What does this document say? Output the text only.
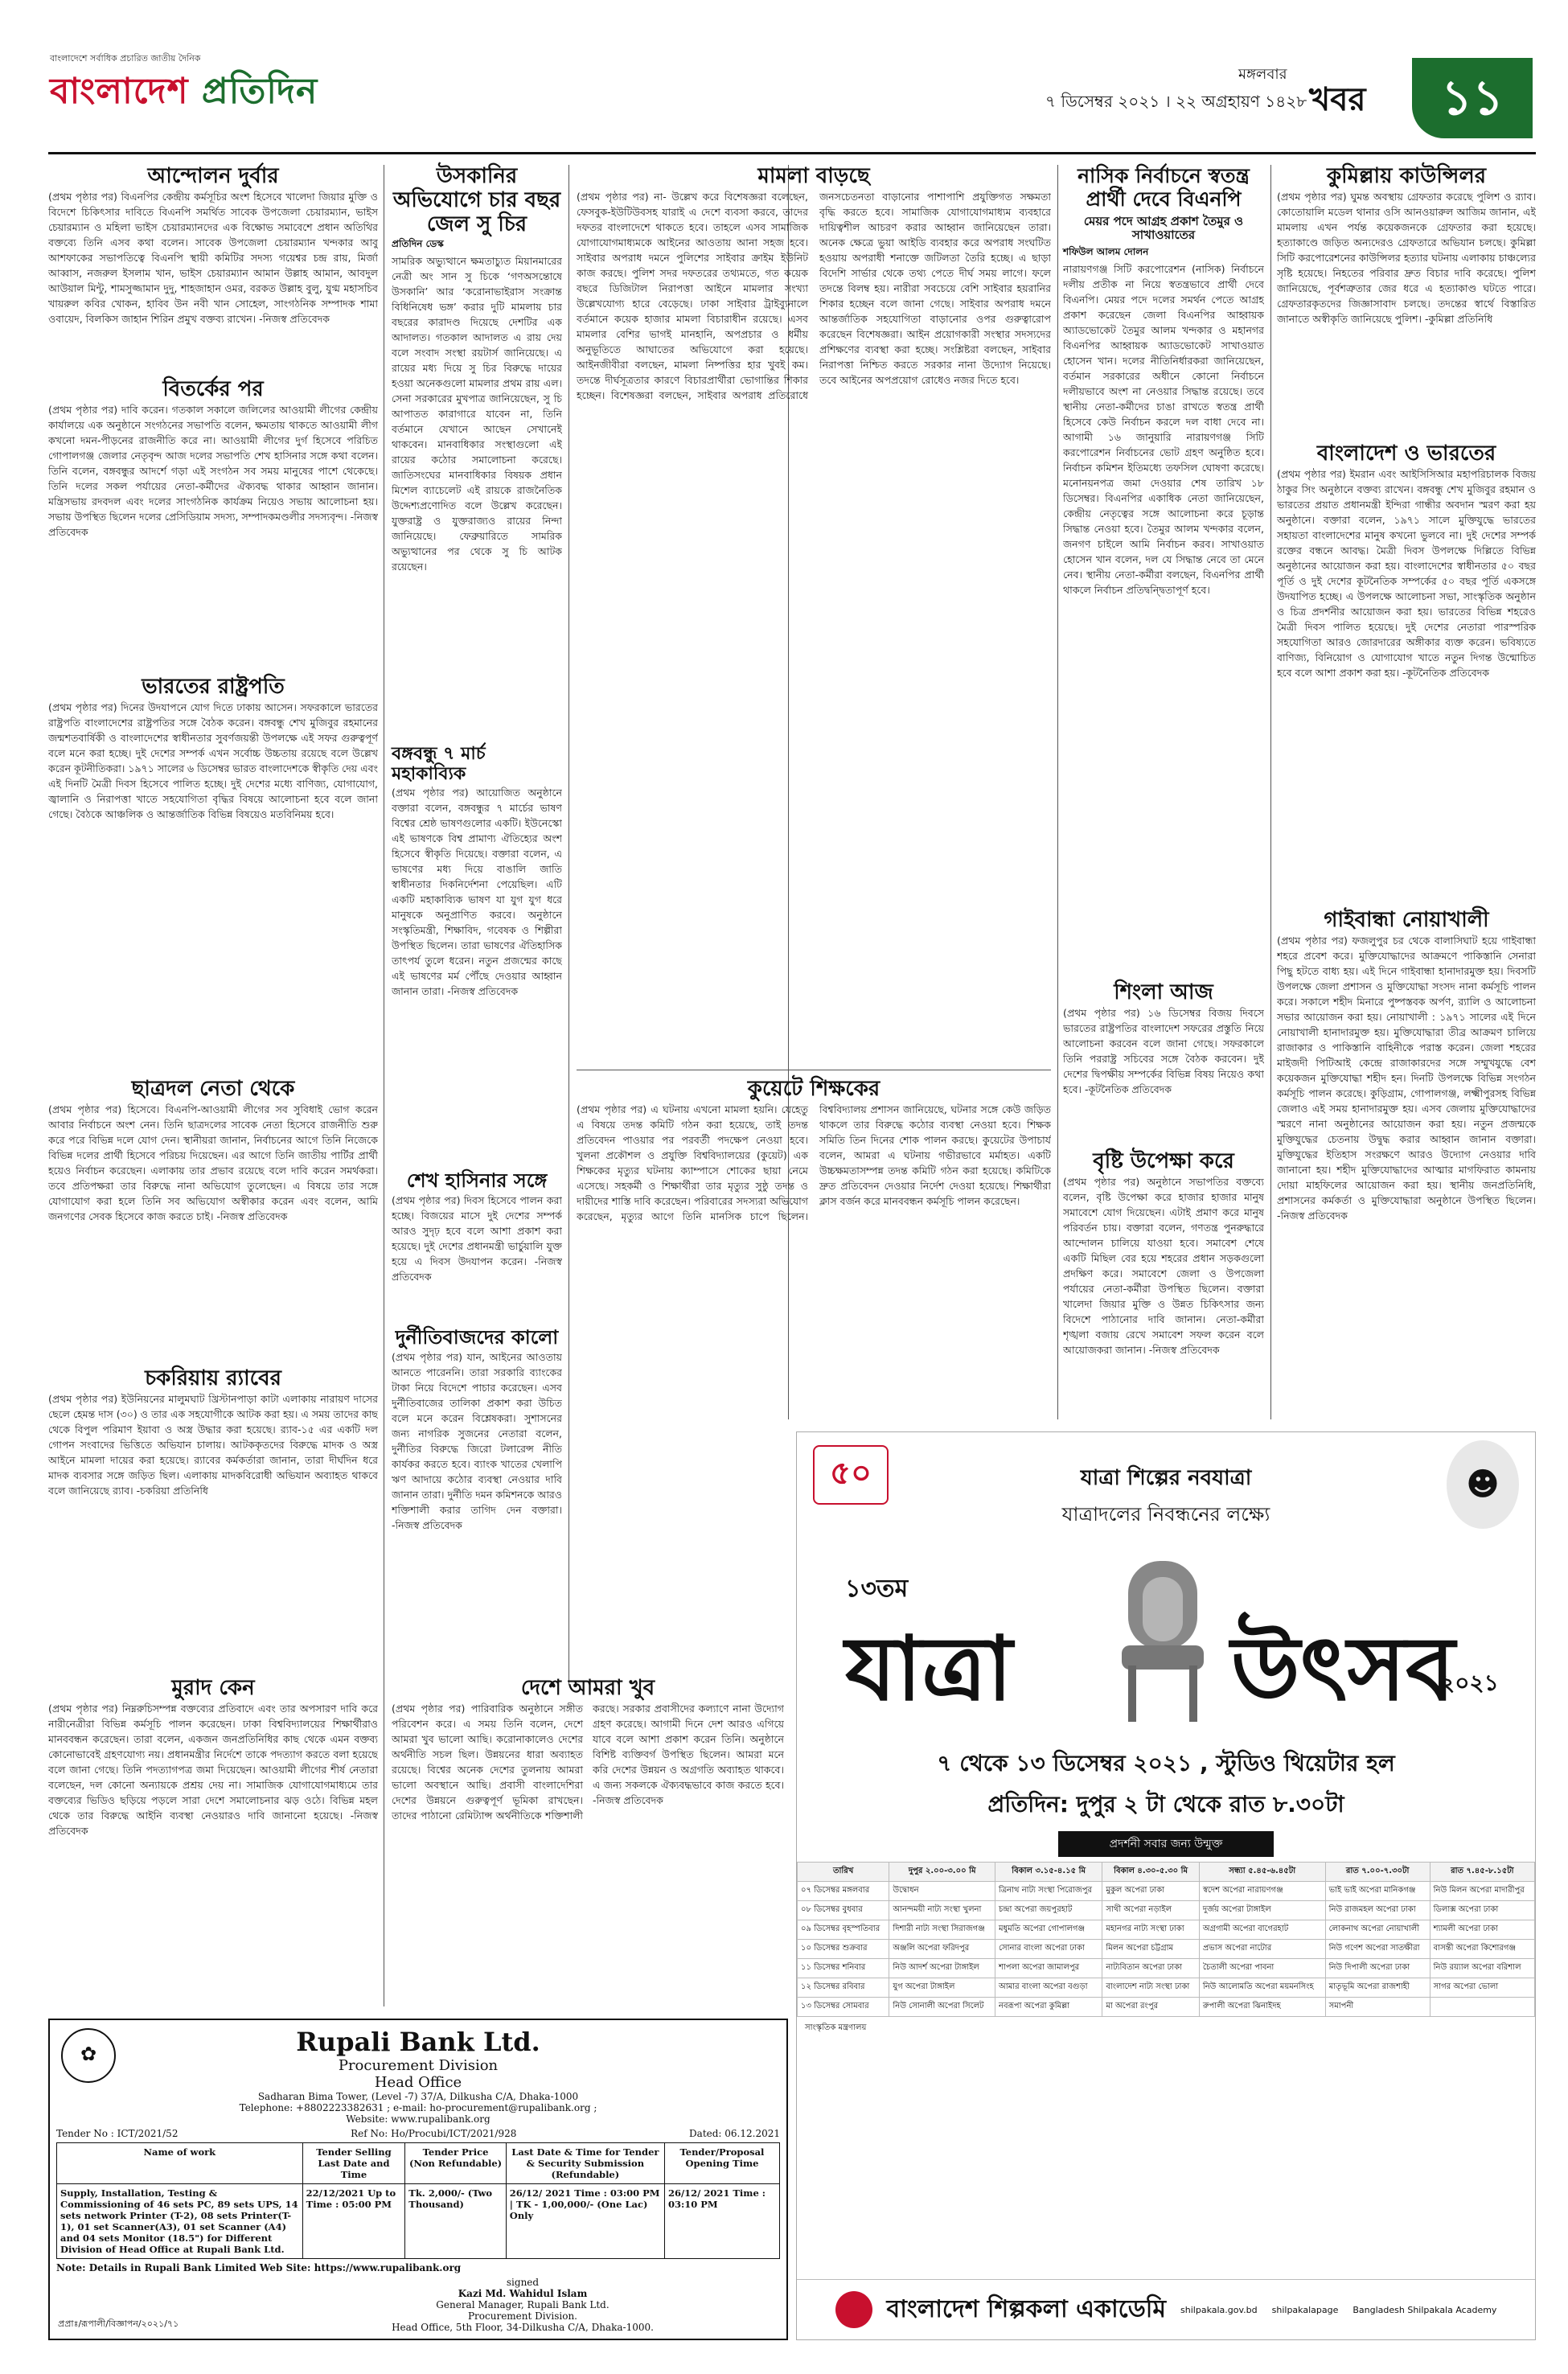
বাংলাদেশে সর্বাধিক প্রচারিত জাতীয় দৈনিক
বাংলাদেশ প্রতিদিন	মঙ্গলবার
৭ ডিসেম্বর ২০২১ । ২২ অগ্রহায়ণ ১৪২৮ খবর	১১
আন্দোলন দুর্বার
(প্রথম পৃষ্ঠার পর) বিএনপির কেন্দ্রীয় কর্মসূচির অংশ হিসেবে খালেদা জিয়ার মুক্তি ও বিদেশে চিকিৎসার দাবিতে বিএনপি সমর্থিত সাবেক উপজেলা চেয়ারম্যান, ভাইস চেয়ারম্যান ও মহিলা ভাইস চেয়ারম্যানদের এক বিক্ষোভ সমাবেশে প্রধান অতিথির বক্তব্যে তিনি এসব কথা বলেন। সাবেক উপজেলা চেয়ারম্যান খন্দকার আবু আশফাকের সভাপতিত্বে বিএনপি স্থায়ী কমিটির সদস্য গয়েশ্বর চন্দ্র রায়, মির্জা আব্বাস, নজরুল ইসলাম খান, ভাইস চেয়ারম্যান আমান উল্লাহ আমান, আবদুল আউয়াল মিন্টু, শামসুজ্জামান দুদু, শাহজাহান ওমর, বরকত উল্লাহ বুলু, যুগ্ম মহাসচিব খায়রুল কবির খোকন, হাবিব উন নবী খান সোহেল, সাংগঠনিক সম্পাদক শামা ওবায়েদ, বিলকিস জাহান শিরিন প্রমুখ বক্তব্য রাখেন। -নিজস্ব প্রতিবেদক
বিতর্কের পর
(প্রথম পৃষ্ঠার পর) দাবি করেন। গতকাল সকালে জলিলের আওয়ামী লীগের কেন্দ্রীয় কার্যালয়ে এক অনুষ্ঠানে সংগঠনের সভাপতি বলেন, ক্ষমতায় থাকতে আওয়ামী লীগ কখনো দমন-পীড়নের রাজনীতি করে না। আওয়ামী লীগের দুর্গ হিসেবে পরিচিত গোপালগঞ্জ জেলার নেতৃবৃন্দ আজ দলের সভাপতি শেখ হাসিনার সঙ্গে কথা বলেন। তিনি বলেন, বঙ্গবন্ধুর আদর্শে গড়া এই সংগঠন সব সময় মানুষের পাশে থেকেছে। তিনি দলের সকল পর্যায়ের নেতা-কর্মীদের ঐক্যবদ্ধ থাকার আহ্বান জানান। মন্ত্রিসভায় রদবদল এবং দলের সাংগঠনিক কার্যক্রম নিয়েও সভায় আলোচনা হয়। সভায় উপস্থিত ছিলেন দলের প্রেসিডিয়াম সদস্য, সম্পাদকমণ্ডলীর সদস্যবৃন্দ। -নিজস্ব প্রতিবেদক
ভারতের রাষ্ট্রপতি
(প্রথম পৃষ্ঠার পর) দিনের উদযাপনে যোগ দিতে ঢাকায় আসেন। সফরকালে ভারতের রাষ্ট্রপতি বাংলাদেশের রাষ্ট্রপতির সঙ্গে বৈঠক করেন। বঙ্গবন্ধু শেখ মুজিবুর রহমানের জন্মশতবার্ষিকী ও বাংলাদেশের স্বাধীনতার সুবর্ণজয়ন্তী উপলক্ষে এই সফর গুরুত্বপূর্ণ বলে মনে করা হচ্ছে। দুই দেশের সম্পর্ক এখন সর্বোচ্চ উচ্চতায় রয়েছে বলে উল্লেখ করেন কূটনীতিকরা। ১৯৭১ সালের ৬ ডিসেম্বর ভারত বাংলাদেশকে স্বীকৃতি দেয় এবং এই দিনটি মৈত্রী দিবস হিসেবে পালিত হচ্ছে। দুই দেশের মধ্যে বাণিজ্য, যোগাযোগ, জ্বালানি ও নিরাপত্তা খাতে সহযোগিতা বৃদ্ধির বিষয়ে আলোচনা হবে বলে জানা গেছে। বৈঠকে আঞ্চলিক ও আন্তর্জাতিক বিভিন্ন বিষয়েও মতবিনিময় হবে।
ছাত্রদল নেতা থেকে
(প্রথম পৃষ্ঠার পর) হিসেবে। বিএনপি-আওয়ামী লীগের সব সুবিধাই ভোগ করেন আবার নির্বাচনে অংশ নেন। তিনি ছাত্রদলের সাবেক নেতা হিসেবে রাজনীতি শুরু করে পরে বিভিন্ন দলে যোগ দেন। স্থানীয়রা জানান, নির্বাচনের আগে তিনি নিজেকে বিভিন্ন দলের প্রার্থী হিসেবে পরিচয় দিয়েছেন। এর আগে তিনি জাতীয় পার্টির প্রার্থী হয়েও নির্বাচন করেছেন। এলাকায় তার প্রভাব রয়েছে বলে দাবি করেন সমর্থকরা। তবে প্রতিপক্ষরা তার বিরুদ্ধে নানা অভিযোগ তুলেছেন। এ বিষয়ে তার সঙ্গে যোগাযোগ করা হলে তিনি সব অভিযোগ অস্বীকার করেন এবং বলেন, আমি জনগণের সেবক হিসেবে কাজ করতে চাই। -নিজস্ব প্রতিবেদক
চকরিয়ায় র‌্যাবের
(প্রথম পৃষ্ঠার পর) ইউনিয়নের মালুমঘাট খ্রিস্টানপাড়া কাটা এলাকায় নারায়ণ দাসের ছেলে হেমন্ত দাস (৩০) ও তার এক সহযোগীকে আটক করা হয়। এ সময় তাদের কাছ থেকে বিপুল পরিমাণ ইয়াবা ও অস্ত্র উদ্ধার করা হয়েছে। র‌্যাব-১৫ এর একটি দল গোপন সংবাদের ভিত্তিতে অভিযান চালায়। আটককৃতদের বিরুদ্ধে মাদক ও অস্ত্র আইনে মামলা দায়ের করা হয়েছে। র‌্যাবের কর্মকর্তারা জানান, তারা দীর্ঘদিন ধরে মাদক ব্যবসার সঙ্গে জড়িত ছিল। এলাকায় মাদকবিরোধী অভিযান অব্যাহত থাকবে বলে জানিয়েছে র‌্যাব। -চকরিয়া প্রতিনিধি
মুরাদ কেন
(প্রথম পৃষ্ঠার পর) নিম্নরুচিসম্পন্ন বক্তব্যের প্রতিবাদে এবং তার অপসারণ দাবি করে নারীনেত্রীরা বিভিন্ন কর্মসূচি পালন করেছেন। ঢাকা বিশ্ববিদ্যালয়ের শিক্ষার্থীরাও মানববন্ধন করেছেন। তারা বলেন, একজন জনপ্রতিনিধির কাছ থেকে এমন বক্তব্য কোনোভাবেই গ্রহণযোগ্য নয়। প্রধানমন্ত্রীর নির্দেশে তাকে পদত্যাগ করতে বলা হয়েছে বলে জানা গেছে। তিনি পদত্যাগপত্র জমা দিয়েছেন। আওয়ামী লীগের শীর্ষ নেতারা বলেছেন, দল কোনো অন্যায়কে প্রশ্রয় দেয় না। সামাজিক যোগাযোগমাধ্যমে তার বক্তব্যের ভিডিও ছড়িয়ে পড়লে সারা দেশে সমালোচনার ঝড় ওঠে। বিভিন্ন মহল থেকে তার বিরুদ্ধে আইনি ব্যবস্থা নেওয়ারও দাবি জানানো হয়েছে। -নিজস্ব প্রতিবেদক
উসকানির অভিযোগে চার বছর জেল সু চির
প্রতিদিন ডেস্ক
সামরিক অভ্যুত্থানে ক্ষমতাচ্যুত মিয়ানমারের নেত্রী অং সান সু চিকে ‘গণঅসন্তোষে উসকানি’ আর ‘করোনাভাইরাস সংক্রান্ত বিধিনিষেধ ভঙ্গ’ করার দুটি মামলায় চার বছরের কারাদণ্ড দিয়েছে দেশটির এক আদালত। গতকাল আদালত এ রায় দেয় বলে সংবাদ সংস্থা রয়টার্স জানিয়েছে। এ রায়ের মধ্য দিয়ে সু চির বিরুদ্ধে দায়ের হওয়া অনেকগুলো মামলার প্রথম রায় এল। সেনা সরকারের মুখপাত্র জানিয়েছেন, সু চি আপাতত কারাগারে যাবেন না, তিনি বর্তমানে যেখানে আছেন সেখানেই থাকবেন। মানবাধিকার সংস্থাগুলো এই রায়ের কঠোর সমালোচনা করেছে। জাতিসংঘের মানবাধিকার বিষয়ক প্রধান মিশেল ব্যাচেলেট এই রায়কে রাজনৈতিক উদ্দেশ্যপ্রণোদিত বলে উল্লেখ করেছেন। যুক্তরাষ্ট্র ও যুক্তরাজ্যও রায়ের নিন্দা জানিয়েছে। ফেব্রুয়ারিতে সামরিক অভ্যুত্থানের পর থেকে সু চি আটক রয়েছেন।
বঙ্গবন্ধু ৭ মার্চ মহাকাব্যিক
(প্রথম পৃষ্ঠার পর) আয়োজিত অনুষ্ঠানে বক্তারা বলেন, বঙ্গবন্ধুর ৭ মার্চের ভাষণ বিশ্বের শ্রেষ্ঠ ভাষণগুলোর একটি। ইউনেস্কো এই ভাষণকে বিশ্ব প্রামাণ্য ঐতিহ্যের অংশ হিসেবে স্বীকৃতি দিয়েছে। বক্তারা বলেন, এ ভাষণের মধ্য দিয়ে বাঙালি জাতি স্বাধীনতার দিকনির্দেশনা পেয়েছিল। এটি একটি মহাকাব্যিক ভাষণ যা যুগ যুগ ধরে মানুষকে অনুপ্রাণিত করবে। অনুষ্ঠানে সংস্কৃতিমন্ত্রী, শিক্ষাবিদ, গবেষক ও শিল্পীরা উপস্থিত ছিলেন। তারা ভাষণের ঐতিহাসিক তাৎপর্য তুলে ধরেন। নতুন প্রজন্মের কাছে এই ভাষণের মর্ম পৌঁছে দেওয়ার আহ্বান জানান তারা। -নিজস্ব প্রতিবেদক
শেখ হাসিনার সঙ্গে
(প্রথম পৃষ্ঠার পর) দিবস হিসেবে পালন করা হচ্ছে। বিজয়ের মাসে দুই দেশের সম্পর্ক আরও সুদৃঢ় হবে বলে আশা প্রকাশ করা হয়েছে। দুই দেশের প্রধানমন্ত্রী ভার্চুয়ালি যুক্ত হয়ে এ দিবস উদযাপন করেন। -নিজস্ব প্রতিবেদক
দুর্নীতিবাজদের কালো
(প্রথম পৃষ্ঠার পর) যান, আইনের আওতায় আনতে পারেননি। তারা সরকারি ব্যাংকের টাকা নিয়ে বিদেশে পাচার করেছেন। এসব দুর্নীতিবাজের তালিকা প্রকাশ করা উচিত বলে মনে করেন বিশ্লেষকরা। সুশাসনের জন্য নাগরিক সুজনের নেতারা বলেন, দুর্নীতির বিরুদ্ধে জিরো টলারেন্স নীতি কার্যকর করতে হবে। ব্যাংক খাতের খেলাপি ঋণ আদায়ে কঠোর ব্যবস্থা নেওয়ার দাবি জানান তারা। দুর্নীতি দমন কমিশনকে আরও শক্তিশালী করার তাগিদ দেন বক্তারা। -নিজস্ব প্রতিবেদক
মামলা বাড়ছে
(প্রথম পৃষ্ঠার পর) না- উল্লেখ করে বিশেষজ্ঞরা বলেছেন, ফেসবুক-ইউটিউবসহ যারাই এ দেশে ব্যবসা করবে, তাদের দফতর বাংলাদেশে থাকতে হবে। তাহলে এসব সামাজিক যোগাযোগমাধ্যমকে আইনের আওতায় আনা সহজ হবে। সাইবার অপরাধ দমনে পুলিশের সাইবার ক্রাইম ইউনিট কাজ করছে। পুলিশ সদর দফতরের তথ্যমতে, গত কয়েক বছরে ডিজিটাল নিরাপত্তা আইনে মামলার সংখ্যা উল্লেখযোগ্য হারে বেড়েছে। ঢাকা সাইবার ট্রাইব্যুনালে বর্তমানে কয়েক হাজার মামলা বিচারাধীন রয়েছে। এসব মামলার বেশির ভাগই মানহানি, অপপ্রচার ও ধর্মীয় অনুভূতিতে আঘাতের অভিযোগে করা হয়েছে। আইনজীবীরা বলছেন, মামলা নিষ্পত্তির হার খুবই কম। তদন্তে দীর্ঘসূত্রতার কারণে বিচারপ্রার্থীরা ভোগান্তির শিকার হচ্ছেন। বিশেষজ্ঞরা বলছেন, সাইবার অপরাধ প্রতিরোধে জনসচেতনতা বাড়ানোর পাশাপাশি প্রযুক্তিগত সক্ষমতা বৃদ্ধি করতে হবে। সামাজিক যোগাযোগমাধ্যম ব্যবহারে দায়িত্বশীল আচরণ করার আহ্বান জানিয়েছেন তারা। অনেক ক্ষেত্রে ভুয়া আইডি ব্যবহার করে অপরাধ সংঘটিত হওয়ায় অপরাধী শনাক্তে জটিলতা তৈরি হচ্ছে। এ ছাড়া বিদেশি সার্ভার থেকে তথ্য পেতে দীর্ঘ সময় লাগে। ফলে তদন্তে বিলম্ব হয়। নারীরা সবচেয়ে বেশি সাইবার হয়রানির শিকার হচ্ছেন বলে জানা গেছে। সাইবার অপরাধ দমনে আন্তর্জাতিক সহযোগিতা বাড়ানোর ওপর গুরুত্বারোপ করেছেন বিশেষজ্ঞরা। আইন প্রয়োগকারী সংস্থার সদস্যদের প্রশিক্ষণের ব্যবস্থা করা হচ্ছে। সংশ্লিষ্টরা বলছেন, সাইবার নিরাপত্তা নিশ্চিত করতে সরকার নানা উদ্যোগ নিয়েছে। তবে আইনের অপপ্রয়োগ রোধেও নজর দিতে হবে।
কুয়েটে শিক্ষকের
(প্রথম পৃষ্ঠার পর) এ ঘটনায় এখনো মামলা হয়নি। যেহেতু এ বিষয়ে তদন্ত কমিটি গঠন করা হয়েছে, তাই তদন্ত প্রতিবেদন পাওয়ার পর পরবর্তী পদক্ষেপ নেওয়া হবে। খুলনা প্রকৌশল ও প্রযুক্তি বিশ্ববিদ্যালয়ের (কুয়েট) এক শিক্ষকের মৃত্যুর ঘটনায় ক্যাম্পাসে শোকের ছায়া নেমে এসেছে। সহকর্মী ও শিক্ষার্থীরা তার মৃত্যুর সুষ্ঠু তদন্ত ও দায়ীদের শাস্তি দাবি করেছেন। পরিবারের সদস্যরা অভিযোগ করেছেন, মৃত্যুর আগে তিনি মানসিক চাপে ছিলেন। বিশ্ববিদ্যালয় প্রশাসন জানিয়েছে, ঘটনার সঙ্গে কেউ জড়িত থাকলে তার বিরুদ্ধে কঠোর ব্যবস্থা নেওয়া হবে। শিক্ষক সমিতি তিন দিনের শোক পালন করছে। কুয়েটের উপাচার্য বলেন, আমরা এ ঘটনায় গভীরভাবে মর্মাহত। একটি উচ্চক্ষমতাসম্পন্ন তদন্ত কমিটি গঠন করা হয়েছে। কমিটিকে দ্রুত প্রতিবেদন দেওয়ার নির্দেশ দেওয়া হয়েছে। শিক্ষার্থীরা ক্লাস বর্জন করে মানববন্ধন কর্মসূচি পালন করেছেন।
দেশে আমরা খুব
(প্রথম পৃষ্ঠার পর) পারিবারিক অনুষ্ঠানে সঙ্গীত পরিবেশন করে। এ সময় তিনি বলেন, দেশে আমরা খুব ভালো আছি। করোনাকালেও দেশের অর্থনীতি সচল ছিল। উন্নয়নের ধারা অব্যাহত রয়েছে। বিশ্বের অনেক দেশের তুলনায় আমরা ভালো অবস্থানে আছি। প্রবাসী বাংলাদেশিরা দেশের উন্নয়নে গুরুত্বপূর্ণ ভূমিকা রাখছেন। তাদের পাঠানো রেমিট্যান্স অর্থনীতিকে শক্তিশালী করছে। সরকার প্রবাসীদের কল্যাণে নানা উদ্যোগ গ্রহণ করেছে। আগামী দিনে দেশ আরও এগিয়ে যাবে বলে আশা প্রকাশ করেন তিনি। অনুষ্ঠানে বিশিষ্ট ব্যক্তিবর্গ উপস্থিত ছিলেন। আমরা মনে করি দেশের উন্নয়ন ও অগ্রগতি অব্যাহত থাকবে। এ জন্য সকলকে ঐক্যবদ্ধভাবে কাজ করতে হবে। -নিজস্ব প্রতিবেদক
নাসিক নির্বাচনে স্বতন্ত্র প্রার্থী দেবে বিএনপি
মেয়র পদে আগ্রহ প্রকাশ তৈমুর ও সাখাওয়াতের
শফিউল আলম দোলন
নারায়ণগঞ্জ সিটি করপোরেশন (নাসিক) নির্বাচনে দলীয় প্রতীক না নিয়ে স্বতন্ত্রভাবে প্রার্থী দেবে বিএনপি। মেয়র পদে দলের সমর্থন পেতে আগ্রহ প্রকাশ করেছেন জেলা বিএনপির আহ্বায়ক অ্যাডভোকেট তৈমুর আলম খন্দকার ও মহানগর বিএনপির আহ্বায়ক অ্যাডভোকেট সাখাওয়াত হোসেন খান। দলের নীতিনির্ধারকরা জানিয়েছেন, বর্তমান সরকারের অধীনে কোনো নির্বাচনে দলীয়ভাবে অংশ না নেওয়ার সিদ্ধান্ত রয়েছে। তবে স্থানীয় নেতা-কর্মীদের চাঙা রাখতে স্বতন্ত্র প্রার্থী হিসেবে কেউ নির্বাচন করলে দল বাধা দেবে না। আগামী ১৬ জানুয়ারি নারায়ণগঞ্জ সিটি করপোরেশন নির্বাচনের ভোট গ্রহণ অনুষ্ঠিত হবে। নির্বাচন কমিশন ইতিমধ্যে তফসিল ঘোষণা করেছে। মনোনয়নপত্র জমা দেওয়ার শেষ তারিখ ১৮ ডিসেম্বর। বিএনপির একাধিক নেতা জানিয়েছেন, কেন্দ্রীয় নেতৃত্বের সঙ্গে আলোচনা করে চূড়ান্ত সিদ্ধান্ত নেওয়া হবে। তৈমুর আলম খন্দকার বলেন, জনগণ চাইলে আমি নির্বাচন করব। সাখাওয়াত হোসেন খান বলেন, দল যে সিদ্ধান্ত নেবে তা মেনে নেব। স্থানীয় নেতা-কর্মীরা বলছেন, বিএনপির প্রার্থী থাকলে নির্বাচন প্রতিদ্বন্দ্বিতাপূর্ণ হবে।
শিংলা আজ
(প্রথম পৃষ্ঠার পর) ১৬ ডিসেম্বর বিজয় দিবসে ভারতের রাষ্ট্রপতির বাংলাদেশ সফরের প্রস্তুতি নিয়ে আলোচনা করবেন বলে জানা গেছে। সফরকালে তিনি পররাষ্ট্র সচিবের সঙ্গে বৈঠক করবেন। দুই দেশের দ্বিপক্ষীয় সম্পর্কের বিভিন্ন বিষয় নিয়েও কথা হবে। -কূটনৈতিক প্রতিবেদক
বৃষ্টি উপেক্ষা করে
(প্রথম পৃষ্ঠার পর) অনুষ্ঠানে সভাপতির বক্তব্যে বলেন, বৃষ্টি উপেক্ষা করে হাজার হাজার মানুষ সমাবেশে যোগ দিয়েছেন। এটাই প্রমাণ করে মানুষ পরিবর্তন চায়। বক্তারা বলেন, গণতন্ত্র পুনরুদ্ধারে আন্দোলন চালিয়ে যাওয়া হবে। সমাবেশ শেষে একটি মিছিল বের হয়ে শহরের প্রধান সড়কগুলো প্রদক্ষিণ করে। সমাবেশে জেলা ও উপজেলা পর্যায়ের নেতা-কর্মীরা উপস্থিত ছিলেন। বক্তারা খালেদা জিয়ার মুক্তি ও উন্নত চিকিৎসার জন্য বিদেশে পাঠানোর দাবি জানান। নেতা-কর্মীরা শৃঙ্খলা বজায় রেখে সমাবেশ সফল করেন বলে আয়োজকরা জানান। -নিজস্ব প্রতিবেদক
কুমিল্লায় কাউন্সিলর
(প্রথম পৃষ্ঠার পর) ঘুমন্ত অবস্থায় গ্রেফতার করেছে পুলিশ ও র‌্যাব। কোতোয়ালি মডেল থানার ওসি আনওয়ারুল আজিম জানান, এই মামলায় এখন পর্যন্ত কয়েকজনকে গ্রেফতার করা হয়েছে। হত্যাকাণ্ডে জড়িত অন্যদেরও গ্রেফতারে অভিযান চলছে। কুমিল্লা সিটি করপোরেশনের কাউন্সিলর হত্যার ঘটনায় এলাকায় চাঞ্চল্যের সৃষ্টি হয়েছে। নিহতের পরিবার দ্রুত বিচার দাবি করেছে। পুলিশ জানিয়েছে, পূর্বশত্রুতার জের ধরে এ হত্যাকাণ্ড ঘটতে পারে। গ্রেফতারকৃতদের জিজ্ঞাসাবাদ চলছে। তদন্তের স্বার্থে বিস্তারিত জানাতে অস্বীকৃতি জানিয়েছে পুলিশ। -কুমিল্লা প্রতিনিধি
বাংলাদেশ ও ভারতের
(প্রথম পৃষ্ঠার পর) ইমরান এবং আইসিসিআর মহাপরিচালক বিজয় ঠাকুর সিং অনুষ্ঠানে বক্তব্য রাখেন। বঙ্গবন্ধু শেখ মুজিবুর রহমান ও ভারতের প্রয়াত প্রধানমন্ত্রী ইন্দিরা গান্ধীর অবদান স্মরণ করা হয় অনুষ্ঠানে। বক্তারা বলেন, ১৯৭১ সালে মুক্তিযুদ্ধে ভারতের সহায়তা বাংলাদেশের মানুষ কখনো ভুলবে না। দুই দেশের সম্পর্ক রক্তের বন্ধনে আবদ্ধ। মৈত্রী দিবস উপলক্ষে দিল্লিতে বিভিন্ন অনুষ্ঠানের আয়োজন করা হয়। বাংলাদেশের স্বাধীনতার ৫০ বছর পূর্তি ও দুই দেশের কূটনৈতিক সম্পর্কের ৫০ বছর পূর্তি একসঙ্গে উদযাপিত হচ্ছে। এ উপলক্ষে আলোচনা সভা, সাংস্কৃতিক অনুষ্ঠান ও চিত্র প্রদর্শনীর আয়োজন করা হয়। ভারতের বিভিন্ন শহরেও মৈত্রী দিবস পালিত হয়েছে। দুই দেশের নেতারা পারস্পরিক সহযোগিতা আরও জোরদারের অঙ্গীকার ব্যক্ত করেন। ভবিষ্যতে বাণিজ্য, বিনিয়োগ ও যোগাযোগ খাতে নতুন দিগন্ত উন্মোচিত হবে বলে আশা প্রকাশ করা হয়। -কূটনৈতিক প্রতিবেদক
গাইবান্ধা নোয়াখালী
(প্রথম পৃষ্ঠার পর) ফজলুপুর চর থেকে বালাসিঘাট হয়ে গাইবান্ধা শহরে প্রবেশ করে। মুক্তিযোদ্ধাদের আক্রমণে পাকিস্তানি সেনারা পিছু হটতে বাধ্য হয়। এই দিনে গাইবান্ধা হানাদারমুক্ত হয়। দিবসটি উপলক্ষে জেলা প্রশাসন ও মুক্তিযোদ্ধা সংসদ নানা কর্মসূচি পালন করে। সকালে শহীদ মিনারে পুষ্পস্তবক অর্পণ, র‌্যালি ও আলোচনা সভার আয়োজন করা হয়। নোয়াখালী : ১৯৭১ সালের এই দিনে নোয়াখালী হানাদারমুক্ত হয়। মুক্তিযোদ্ধারা তীব্র আক্রমণ চালিয়ে রাজাকার ও পাকিস্তানি বাহিনীকে পরাস্ত করেন। জেলা শহরের মাইজদী পিটিআই কেন্দ্রে রাজাকারদের সঙ্গে সম্মুখযুদ্ধে বেশ কয়েকজন মুক্তিযোদ্ধা শহীদ হন। দিনটি উপলক্ষে বিভিন্ন সংগঠন কর্মসূচি পালন করেছে। কুড়িগ্রাম, গোপালগঞ্জ, লক্ষ্মীপুরসহ বিভিন্ন জেলাও এই সময় হানাদারমুক্ত হয়। এসব জেলায় মুক্তিযোদ্ধাদের স্মরণে নানা অনুষ্ঠানের আয়োজন করা হয়। নতুন প্রজন্মকে মুক্তিযুদ্ধের চেতনায় উদ্বুদ্ধ করার আহ্বান জানান বক্তারা। মুক্তিযুদ্ধের ইতিহাস সংরক্ষণে আরও উদ্যোগ নেওয়ার দাবি জানানো হয়। শহীদ মুক্তিযোদ্ধাদের আত্মার মাগফিরাত কামনায় দোয়া মাহফিলের আয়োজন করা হয়। স্থানীয় জনপ্রতিনিধি, প্রশাসনের কর্মকর্তা ও মুক্তিযোদ্ধারা অনুষ্ঠানে উপস্থিত ছিলেন। -নিজস্ব প্রতিবেদক
✿	Rupali Bank Ltd.
Procurement Division
Head Office
Sadharan Bima Tower, (Level -7) 37/A, Dilkusha C/A, Dhaka-1000
Telephone: +8802223382631 ; e-mail: ho-procurement@rupalibank.org ;
Website: www.rupalibank.org
Tender No : ICT/2021/52	Ref No: Ho/Procubi/ICT/2021/928	Dated: 06.12.2021
Name of work	Tender Selling Last Date and Time	Tender Price (Non Refundable)	Last Date & Time for Tender & Security Submission (Refundable)	Tender/Proposal Opening Time
Supply, Installation, Testing & Commissioning of 46 sets PC, 89 sets UPS, 14 sets network Printer (T-2), 08 sets Printer(T-1), 01 set Scanner(A3), 01 set Scanner (A4) and 04 sets Monitor (18.5") for Different Division of Head Office at Rupali Bank Ltd.	22/12/2021 Up to Time : 05:00 PM	Tk. 2,000/- (Two Thousand)	26/12/ 2021 Time : 03:00 PM | TK - 1,00,000/- (One Lac) Only	26/12/ 2021 Time : 03:10 PM
Note: Details in Rupali Bank Limited Web Site: https://www.rupalibank.org
signed
Kazi Md. Wahidul Islam
General Manager, Rupali Bank Ltd.
Procurement Division.
Head Office, 5th Floor, 34-Dilkusha C/A, Dhaka-1000.
প্রপ্রাঃ/রূপালী/বিজ্ঞাপন/২০২১/৭১
৫০	☻
যাত্রা শিল্পের নবযাত্রা
যাত্রাদলের নিবন্ধনের লক্ষ্যে
১৩তম
যাত্রা উৎসব
২০২১
৭ থেকে ১৩ ডিসেম্বর ২০২১ , স্টুডিও থিয়েটার হল
প্রতিদিন: দুপুর ২ টা থেকে রাত ৮.৩০টা
প্রদর্শনী সবার জন্য উন্মুক্ত
তারিখ	দুপুর ২.০০-৩.০০ মি	বিকাল ৩.১৫-৪.১৫ মি	বিকাল ৪.৩০-৫.৩০ মি	সন্ধ্যা ৫.৪৫-৬.৪৫টা	রাত ৭.০০-৭.৩০টা	রাত ৭.৪৫-৮.১৫টা
০৭ ডিসেম্বর মঙ্গলবার	উদ্বোধন	ত্রিনাথ নাট্য সংস্থা পিরোজপুর	মুকুল অপেরা ঢাকা	স্বদেশ অপেরা নারায়ণগঞ্জ	ভাই ভাই অপেরা মানিকগঞ্জ	নিউ মিলন অপেরা মাদারীপুর
০৮ ডিসেম্বর বুধবার	আনন্দময়ী নাট্য সংস্থা খুলনা	চন্দ্রা অপেরা জয়পুরহাট	সাথী অপেরা নড়াইল	দুর্জয় অপেরা টাঙ্গাইল	নিউ রাজমহল অপেরা ঢাকা	ডিলাক্স অপেরা ঢাকা
০৯ ডিসেম্বর বৃহস্পতিবার	দিশারী নাট্য সংস্থা সিরাজগঞ্জ	মধুমতি অপেরা গোপালগঞ্জ	মহানগর নাট্য সংস্থা ঢাকা	অগ্রগামী অপেরা বাগেরহাট	লোকনাথ অপেরা নোয়াখালী	শ্যামলী অপেরা ঢাকা
১০ ডিসেম্বর শুক্রবার	অঞ্জলি অপেরা ফরিদপুর	সোনার বাংলা অপেরা ঢাকা	মিলন অপেরা চট্টগ্রাম	প্রভাস অপেরা নাটোর	নিউ গণেশ অপেরা সাতক্ষীরা	বাসন্তী অপেরা কিশোরগঞ্জ
১১ ডিসেম্বর শনিবার	নিউ আদর্শ অপেরা টাঙ্গাইল	শাপলা অপেরা জামালপুর	নাট্যবিতান অপেরা ঢাকা	চৈতালী অপেরা পাবনা	নিউ দিপালী অপেরা ঢাকা	নিউ রয়্যাল অপেরা বরিশাল
১২ ডিসেম্বর রবিবার	যুগ অপেরা টাঙ্গাইল	আমার বাংলা অপেরা বগুড়া	বাংলাদেশ নাট্য সংস্থা ঢাকা	নিউ আলোমতি অপেরা ময়মনসিংহ	মাতৃভূমি অপেরা রাজশাহী	সাগর অপেরা ভোলা
১৩ ডিসেম্বর সোমবার	নিউ সোনালী অপেরা সিলেট	নবরূপা অপেরা কুমিল্লা	মা অপেরা রংপুর	রুপালী অপেরা ঝিনাইদহ	সমাপনী	
সাংস্কৃতিক মন্ত্রণালয়
বাংলাদেশ শিল্পকলা একাডেমি shilpakala.gov.bd shilpakalapage Bangladesh Shilpakala Academy
